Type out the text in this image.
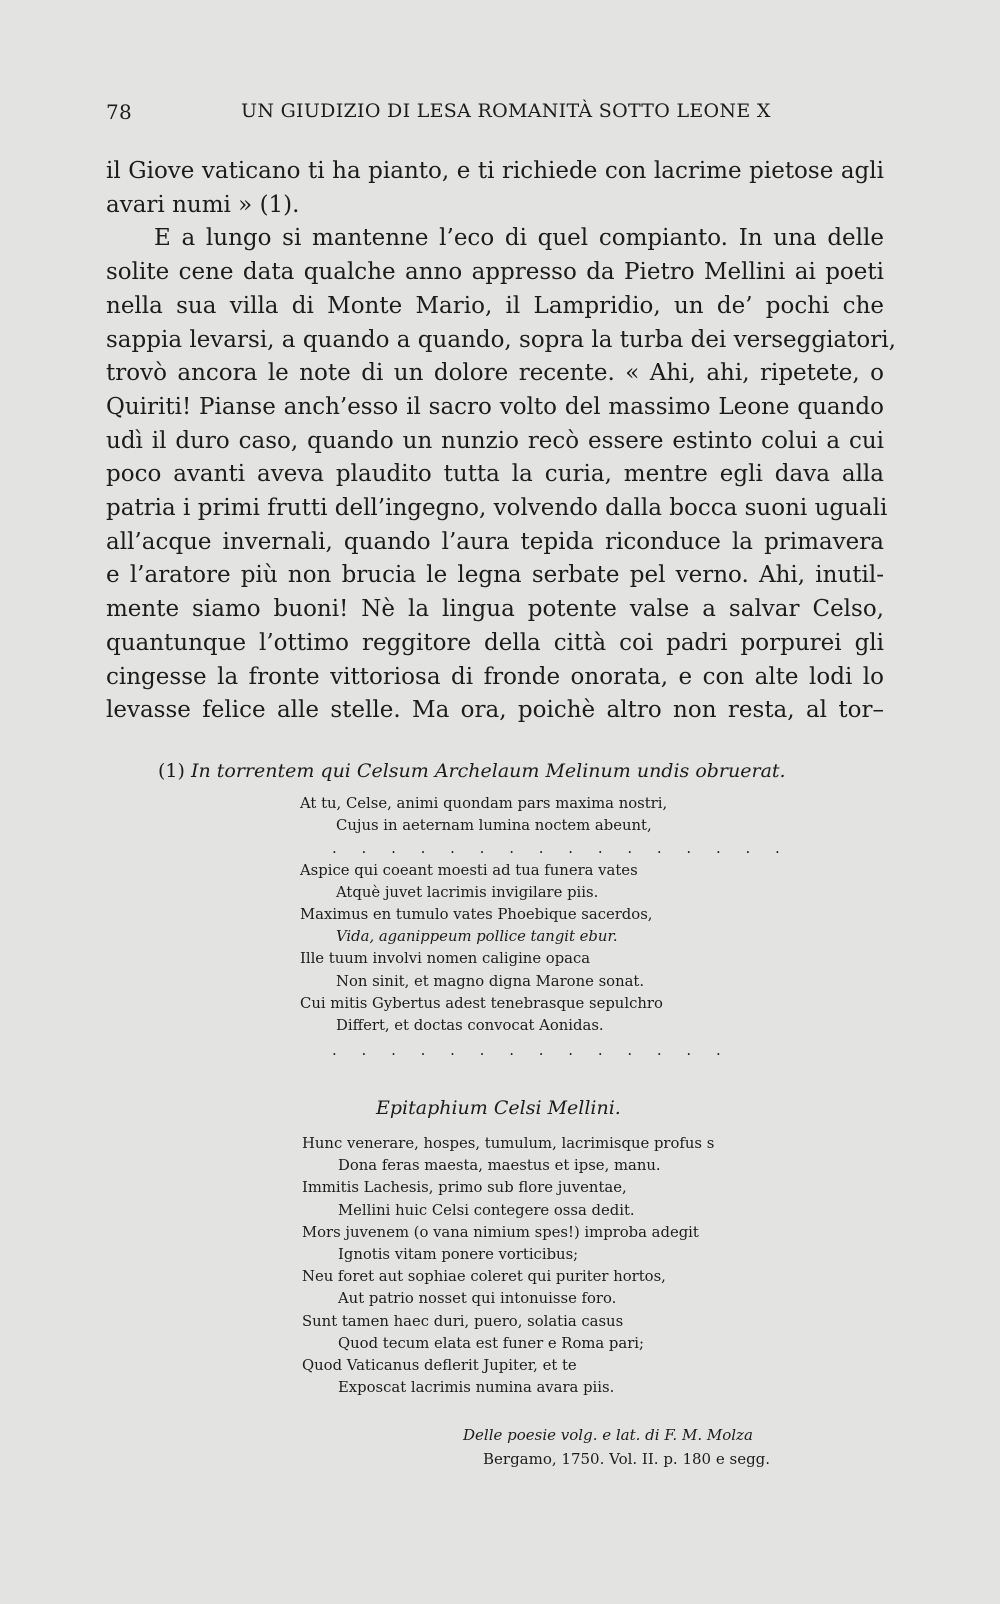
78	UN GIUDIZIO DI LESA ROMANITÀ SOTTO LEONE X
il Giove vaticano ti ha pianto, e ti richiede con lacrime pietose agli
avari numi » (1).
E a lungo si mantenne l’eco di quel compianto. In una delle
solite cene data qualche anno appresso da Pietro Mellini ai poeti
nella sua villa di Monte Mario, il Lampridio, un de’ pochi che
sappia levarsi, a quando a quando, sopra la turba dei verseggiatori,
trovò ancora le note di un dolore recente. « Ahi, ahi, ripetete, o
Quiriti! Pianse anch’esso il sacro volto del massimo Leone quando
udì il duro caso, quando un nunzio recò essere estinto colui a cui
poco avanti aveva plaudito tutta la curia, mentre egli dava alla
patria i primi frutti dell’ingegno, volvendo dalla bocca suoni uguali
all’acque invernali, quando l’aura tepida riconduce la primavera
e l’aratore più non brucia le legna serbate pel verno. Ahi, inutil-
mente siamo buoni! Nè la lingua potente valse a salvar Celso,
quantunque l’ottimo reggitore della città coi padri porpurei gli
cingesse la fronte vittoriosa di fronde onorata, e con alte lodi lo
levasse felice alle stelle. Ma ora, poichè altro non resta, al tor–
(1) In torrentem qui Celsum Archelaum Melinum undis obruerat.
At tu, Celse, animi quondam pars maxima nostri,
Cujus in aeternam lumina noctem abeunt,
. . . . . . . . . . . . . . . .
Aspice qui coeant moesti ad tua funera vates
Atquè juvet lacrimis invigilare piis.
Maximus en tumulo vates Phoebique sacerdos,
Vida, aganippeum pollice tangit ebur.
Ille tuum involvi nomen caligine opaca
Non sinit, et magno digna Marone sonat.
Cui mitis Gybertus adest tenebrasque sepulchro
Differt, et doctas convocat Aonidas.
. . . . . . . . . . . . . .
Epitaphium Celsi Mellini.
Hunc venerare, hospes, tumulum, lacrimisque profus s
Dona feras maesta, maestus et ipse, manu.
Immitis Lachesis, primo sub flore juventae,
Mellini huic Celsi contegere ossa dedit.
Mors juvenem (o vana nimium spes!) improba adegit
Ignotis vitam ponere vorticibus;
Neu foret aut sophiae coleret qui puriter hortos,
Aut patrio nosset qui intonuisse foro.
Sunt tamen haec duri, puero, solatia casus
Quod tecum elata est funer e Roma pari;
Quod Vaticanus deflerit Jupiter, et te
Exposcat lacrimis numina avara piis.
Delle poesie volg. e lat. di F. M. Molza
Bergamo, 1750. Vol. II. p. 180 e segg.
